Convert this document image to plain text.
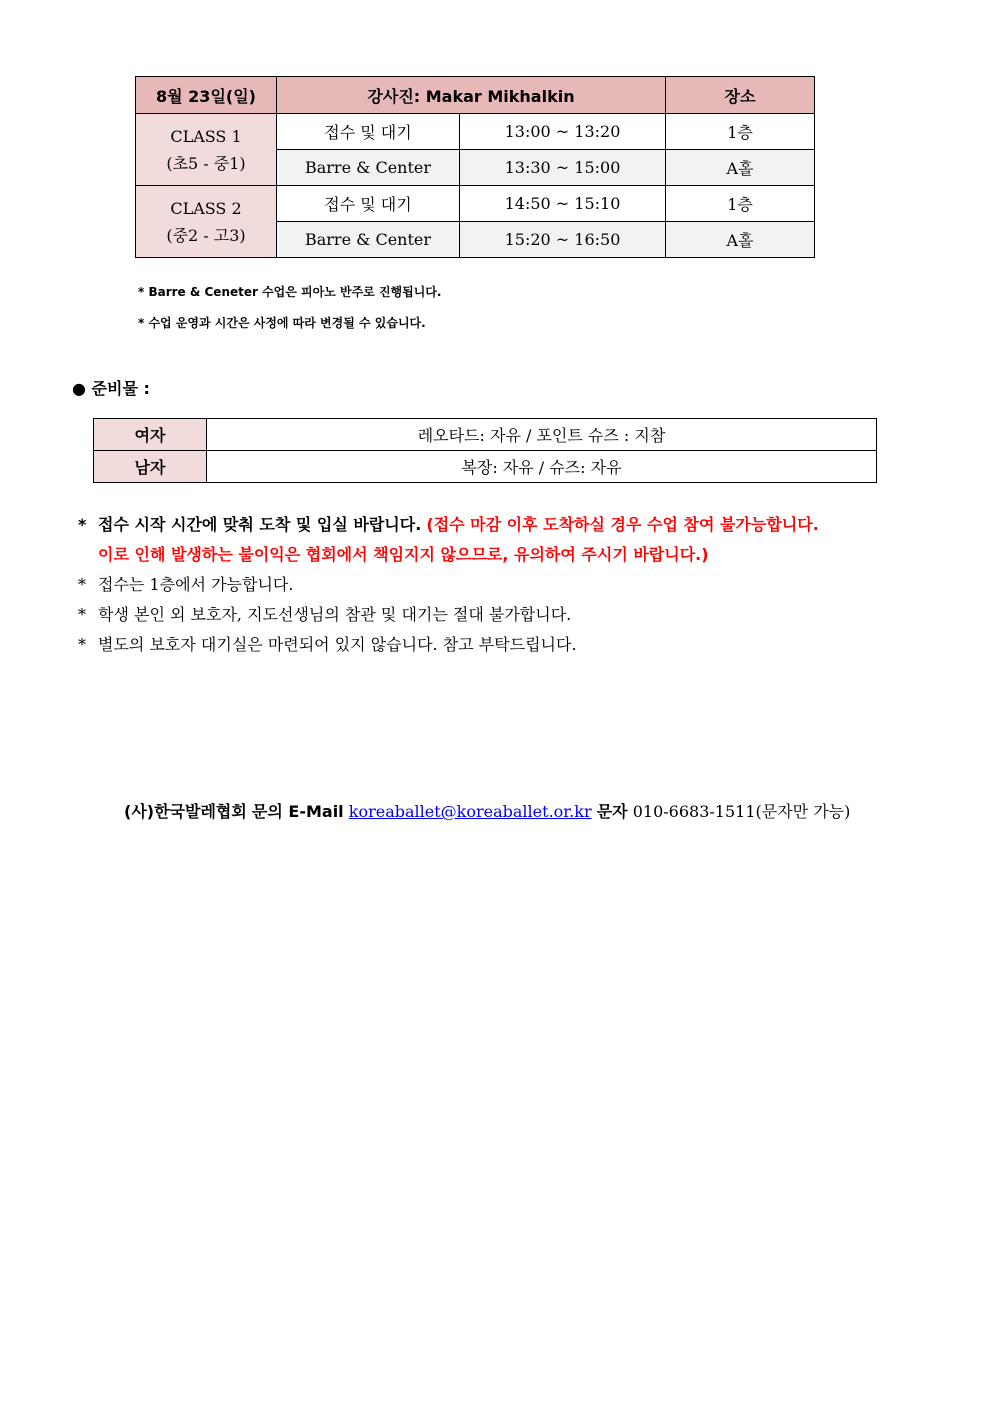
8월 23일(일)	강사진: Makar Mikhalkin		장소

CLASS 1
(초5 - 중1)	접수 및 대기	13:00 ~ 13:20	1층
	Barre & Center	13:30 ~ 15:00	A홀

CLASS 2
(중2 - 고3)	접수 및 대기	14:50 ~ 15:10	1층
	Barre & Center	15:20 ~ 16:50	A홀
* Barre & Ceneter 수업은 피아노 반주로 진행됩니다.
* 수업 운영과 시간은 사정에 따라 변경될 수 있습니다.
● 준비물 :
여자	레오타드: 자유 / 포인트 슈즈 : 지참
남자	복장: 자유 / 슈즈: 자유
* 접수 시작 시간에 맞춰 도착 및 입실 바랍니다. (접수 마감 이후 도착하실 경우 수업 참여 불가능합니다.
이로 인해 발생하는 불이익은 협회에서 책임지지 않으므로, 유의하여 주시기 바랍니다.)
* 접수는 1층에서 가능합니다.
* 학생 본인 외 보호자, 지도선생님의 참관 및 대기는 절대 불가합니다.
* 별도의 보호자 대기실은 마련되어 있지 않습니다. 참고 부탁드립니다.
(사)한국발레협회 문의 E-Mail koreaballet@koreaballet.or.kr 문자 010-6683-1511(문자만 가능)
